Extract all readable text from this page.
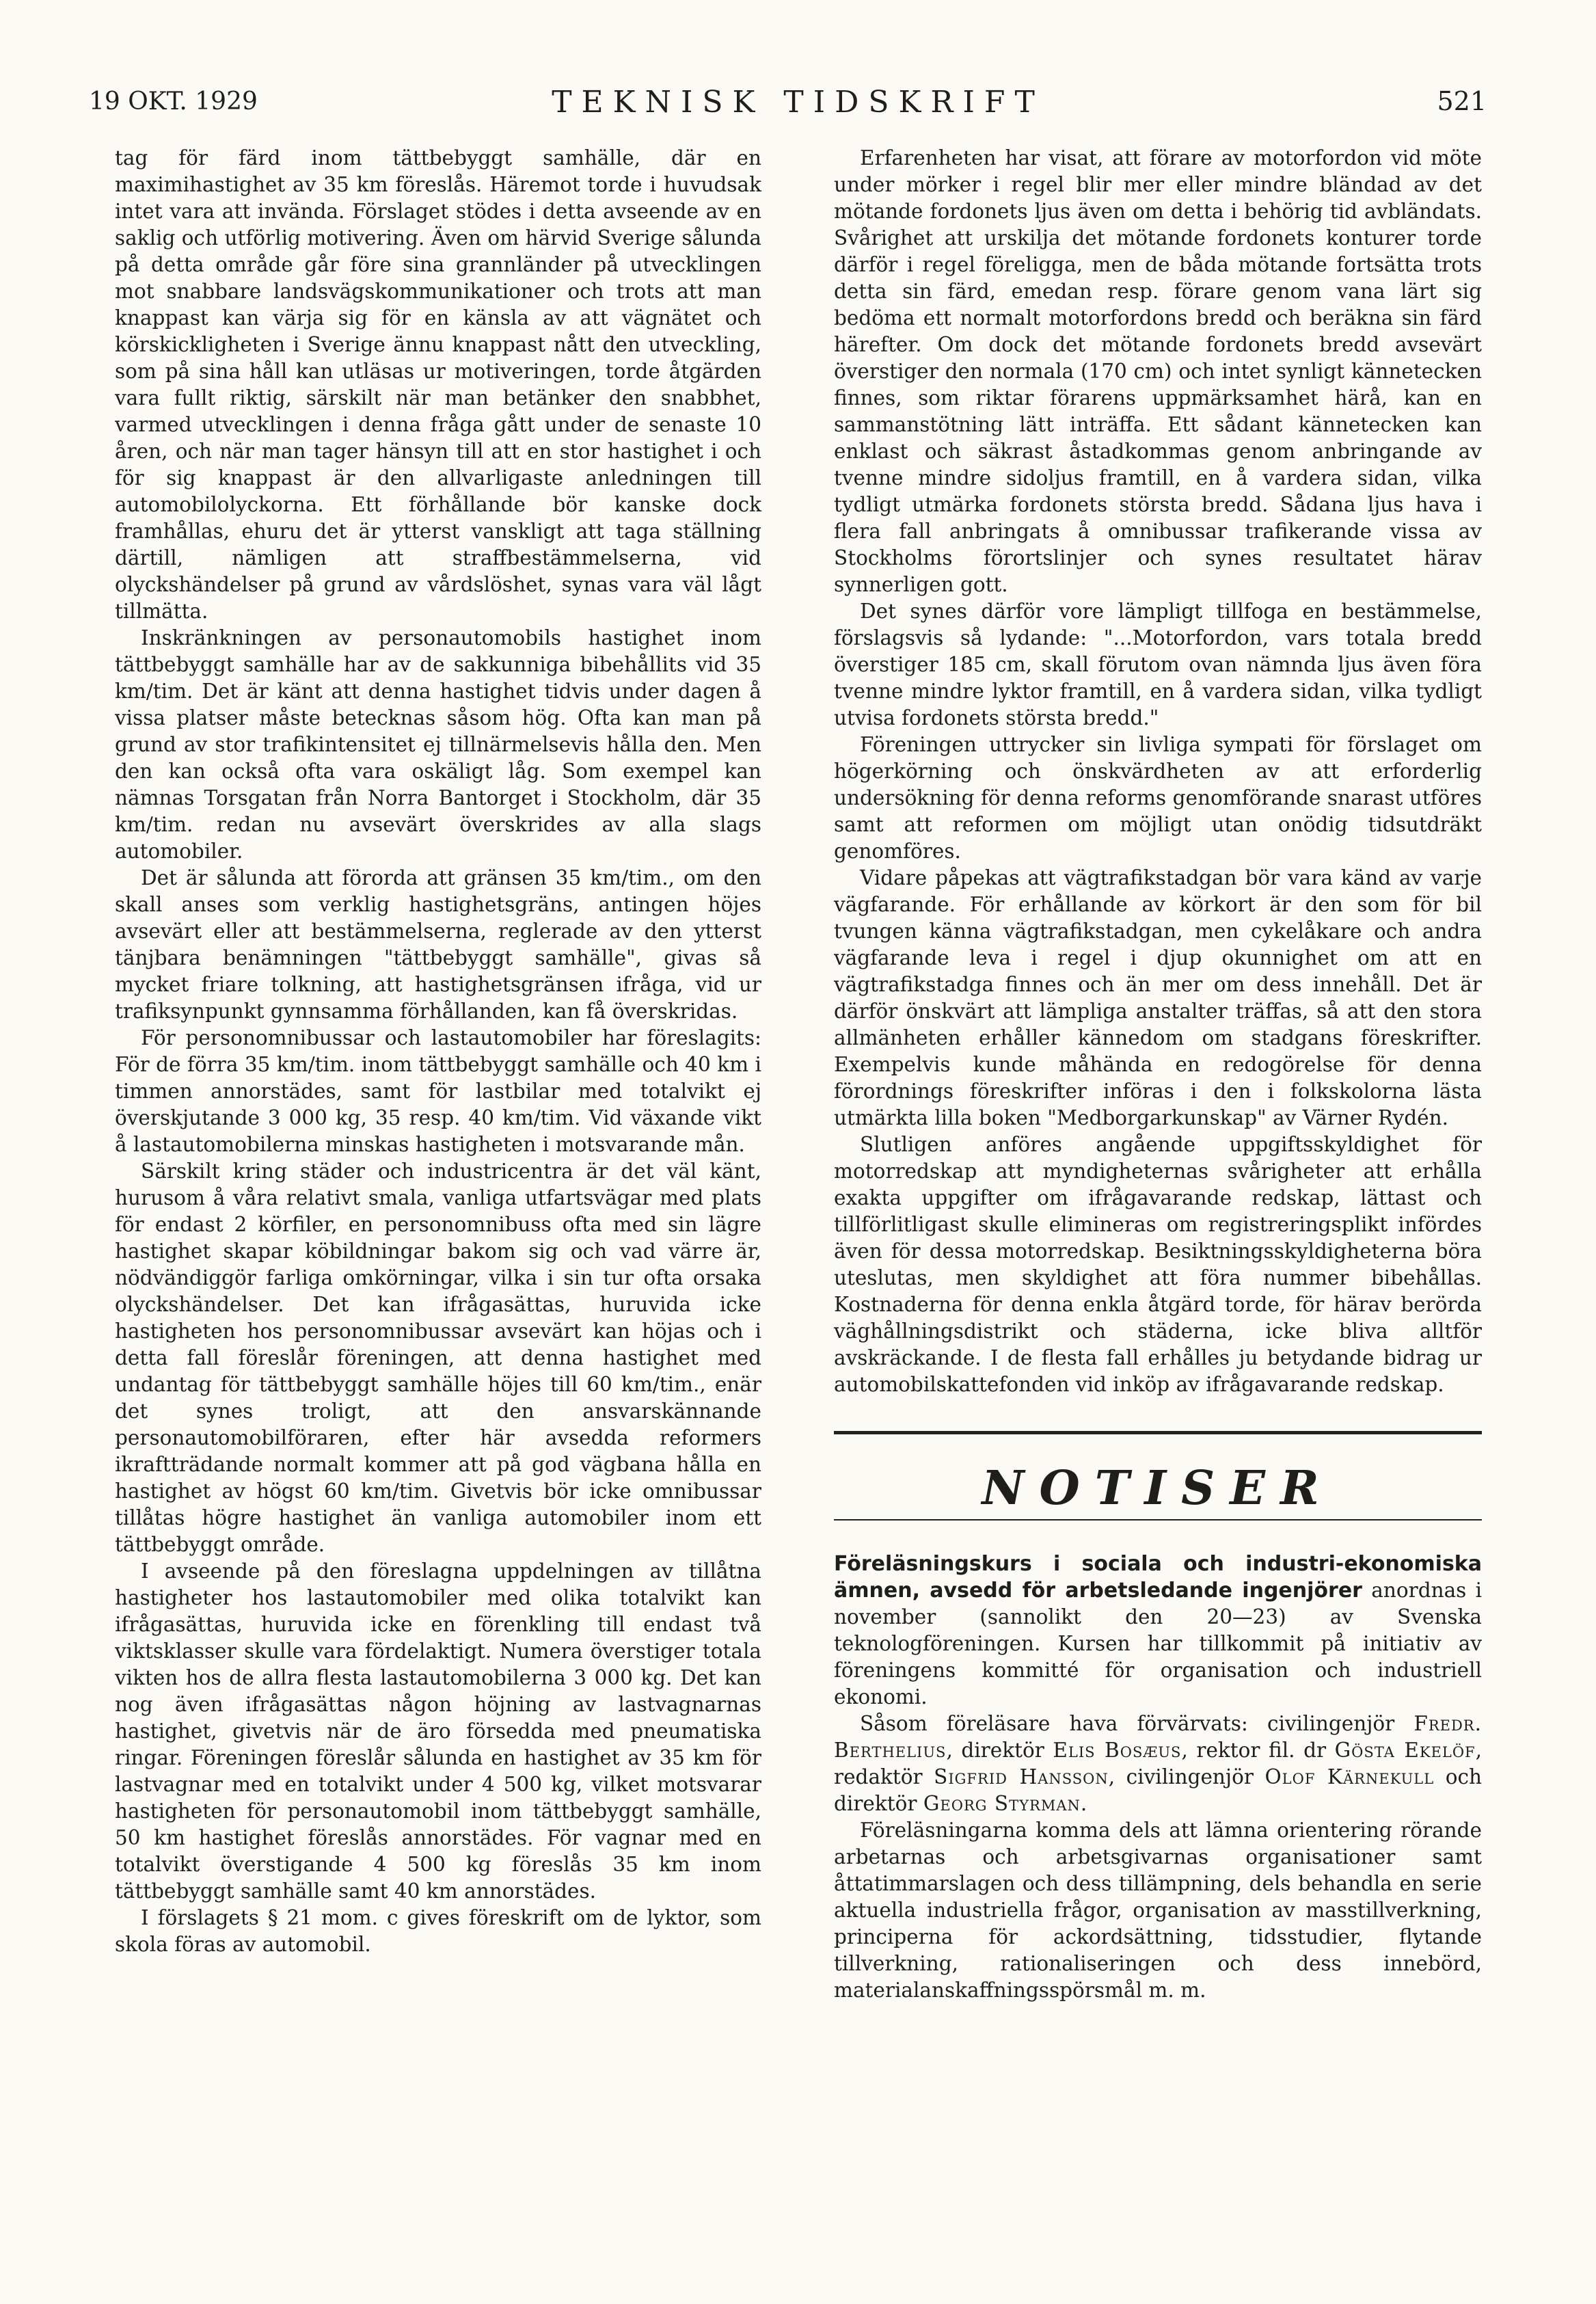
19 OKT. 1929	TEKNISK TIDSKRIFT	521

tag för färd inom tättbebyggt samhälle, där en maximihastighet av 35 km föreslås. Häremot torde i huvudsak intet vara att invända. Förslaget stödes i detta avseende av en saklig och utförlig motivering. Även om härvid Sverige sålunda på detta område går före sina grannländer på utvecklingen mot snabbare landsvägskommunikationer och trots att man knappast kan värja sig för en känsla av att vägnätet och körskickligheten i Sverige ännu knappast nått den utveckling, som på sina håll kan utläsas ur motiveringen, torde åtgärden vara fullt riktig, särskilt när man betänker den snabbhet, varmed utvecklingen i denna fråga gått under de senaste 10 åren, och när man tager hänsyn till att en stor hastighet i och för sig knappast är den allvarligaste anledningen till automobilolyckorna. Ett förhållande bör kanske dock framhållas, ehuru det är ytterst vanskligt att taga ställning därtill, nämligen att straffbestämmelserna, vid olyckshändelser på grund av vårdslöshet, synas vara väl lågt tillmätta.

Inskränkningen av personautomobils hastighet inom tättbebyggt samhälle har av de sakkunniga bibehållits vid 35 km/tim. Det är känt att denna hastighet tidvis under dagen å vissa platser måste betecknas såsom hög. Ofta kan man på grund av stor trafikintensitet ej tillnärmelsevis hålla den. Men den kan också ofta vara oskäligt låg. Som exempel kan nämnas Torsgatan från Norra Bantorget i Stockholm, där 35 km/tim. redan nu avsevärt överskrides av alla slags automobiler.

Det är sålunda att förorda att gränsen 35 km/tim., om den skall anses som verklig hastighetsgräns, antingen höjes avsevärt eller att bestämmelserna, reglerade av den ytterst tänjbara benämningen "tättbebyggt samhälle", givas så mycket friare tolkning, att hastighetsgränsen ifråga, vid ur trafiksynpunkt gynnsamma förhållanden, kan få överskridas.

För personomnibussar och lastautomobiler har föreslagits: För de förra 35 km/tim. inom tättbebyggt samhälle och 40 km i timmen annorstädes, samt för lastbilar med totalvikt ej överskjutande 3 000 kg, 35 resp. 40 km/tim. Vid växande vikt å lastautomobilerna minskas hastigheten i motsvarande mån.

Särskilt kring städer och industricentra är det väl känt, hurusom å våra relativt smala, vanliga utfartsvägar med plats för endast 2 körfiler, en personomnibuss ofta med sin lägre hastighet skapar köbildningar bakom sig och vad värre är, nödvändiggör farliga omkörningar, vilka i sin tur ofta orsaka olyckshändelser. Det kan ifrågasättas, huruvida icke hastigheten hos personomnibussar avsevärt kan höjas och i detta fall föreslår föreningen, att denna hastighet med undantag för tättbebyggt samhälle höjes till 60 km/tim., enär det synes troligt, att den ansvarskännande personautomobilföraren, efter här avsedda reformers ikraftträdande normalt kommer att på god vägbana hålla en hastighet av högst 60 km/tim. Givetvis bör icke omnibussar tillåtas högre hastighet än vanliga automobiler inom ett tättbebyggt område.

I avseende på den föreslagna uppdelningen av tillåtna hastigheter hos lastautomobiler med olika totalvikt kan ifrågasättas, huruvida icke en förenkling till endast två viktsklasser skulle vara fördelaktigt. Numera överstiger totala vikten hos de allra flesta lastautomobilerna 3 000 kg. Det kan nog även ifrågasättas någon höjning av lastvagnarnas hastighet, givetvis när de äro försedda med pneumatiska ringar. Föreningen föreslår sålunda en hastighet av 35 km för lastvagnar med en totalvikt under 4 500 kg, vilket motsvarar hastigheten för personautomobil inom tättbebyggt samhälle, 50 km hastighet föreslås annorstädes. För vagnar med en totalvikt överstigande 4 500 kg föreslås 35 km inom tättbebyggt samhälle samt 40 km annorstädes.

I förslagets § 21 mom. c gives föreskrift om de lyktor, som skola föras av automobil.

Erfarenheten har visat, att förare av motorfordon vid möte under mörker i regel blir mer eller mindre bländad av det mötande fordonets ljus även om detta i behörig tid avbländats. Svårighet att urskilja det mötande fordonets konturer torde därför i regel föreligga, men de båda mötande fortsätta trots detta sin färd, emedan resp. förare genom vana lärt sig bedöma ett normalt motorfordons bredd och beräkna sin färd härefter. Om dock det mötande fordonets bredd avsevärt överstiger den normala (170 cm) och intet synligt kännetecken finnes, som riktar förarens uppmärksamhet härå, kan en sammanstötning lätt inträffa. Ett sådant kännetecken kan enklast och säkrast åstadkommas genom anbringande av tvenne mindre sidoljus framtill, en å vardera sidan, vilka tydligt utmärka fordonets största bredd. Sådana ljus hava i flera fall anbringats å omnibussar trafikerande vissa av Stockholms förortslinjer och synes resultatet härav synnerligen gott.

Det synes därför vore lämpligt tillfoga en bestämmelse, förslagsvis så lydande: "...Motorfordon, vars totala bredd överstiger 185 cm, skall förutom ovan nämnda ljus även föra tvenne mindre lyktor framtill, en å vardera sidan, vilka tydligt utvisa fordonets största bredd."

Föreningen uttrycker sin livliga sympati för förslaget om högerkörning och önskvärdheten av att erforderlig undersökning för denna reforms genomförande snarast utföres samt att reformen om möjligt utan onödig tidsutdräkt genomföres.

Vidare påpekas att vägtrafikstadgan bör vara känd av varje vägfarande. För erhållande av körkort är den som för bil tvungen känna vägtrafikstadgan, men cykelåkare och andra vägfarande leva i regel i djup okunnighet om att en vägtrafikstadga finnes och än mer om dess innehåll. Det är därför önskvärt att lämpliga anstalter träffas, så att den stora allmänheten erhåller kännedom om stadgans föreskrifter. Exempelvis kunde måhända en redogörelse för denna förordnings föreskrifter införas i den i folkskolorna lästa utmärkta lilla boken "Medborgarkunskap" av Värner Rydén.

Slutligen anföres angående uppgiftsskyldighet för motorredskap att myndigheternas svårigheter att erhålla exakta uppgifter om ifrågavarande redskap, lättast och tillförlitligast skulle elimineras om registreringsplikt infördes även för dessa motorredskap. Besiktningsskyldigheterna böra uteslutas, men skyldighet att föra nummer bibehållas. Kostnaderna för denna enkla åtgärd torde, för härav berörda väghållningsdistrikt och städerna, icke bliva alltför avskräckande. I de flesta fall erhålles ju betydande bidrag ur automobilskattefonden vid inköp av ifrågavarande redskap.

NOTISER

Föreläsningskurs i sociala och industri-ekonomiska ämnen, avsedd för arbetsledande ingenjörer anordnas i november (sannolikt den 20—23) av Svenska teknologföreningen. Kursen har tillkommit på initiativ av föreningens kommitté för organisation och industriell ekonomi.

Såsom föreläsare hava förvärvats: civilingenjör Fredr. Berthelius, direktör Elis Bosæus, rektor fil. dr Gösta Ekelöf, redaktör Sigfrid Hansson, civilingenjör Olof Kärnekull och direktör Georg Styrman.

Föreläsningarna komma dels att lämna orientering rörande arbetarnas och arbetsgivarnas organisationer samt åttatimmarslagen och dess tillämpning, dels behandla en serie aktuella industriella frågor, organisation av masstillverkning, principerna för ackordsättning, tidsstudier, flytande tillverkning, rationaliseringen och dess innebörd, materialanskaffningsspörsmål m. m.
